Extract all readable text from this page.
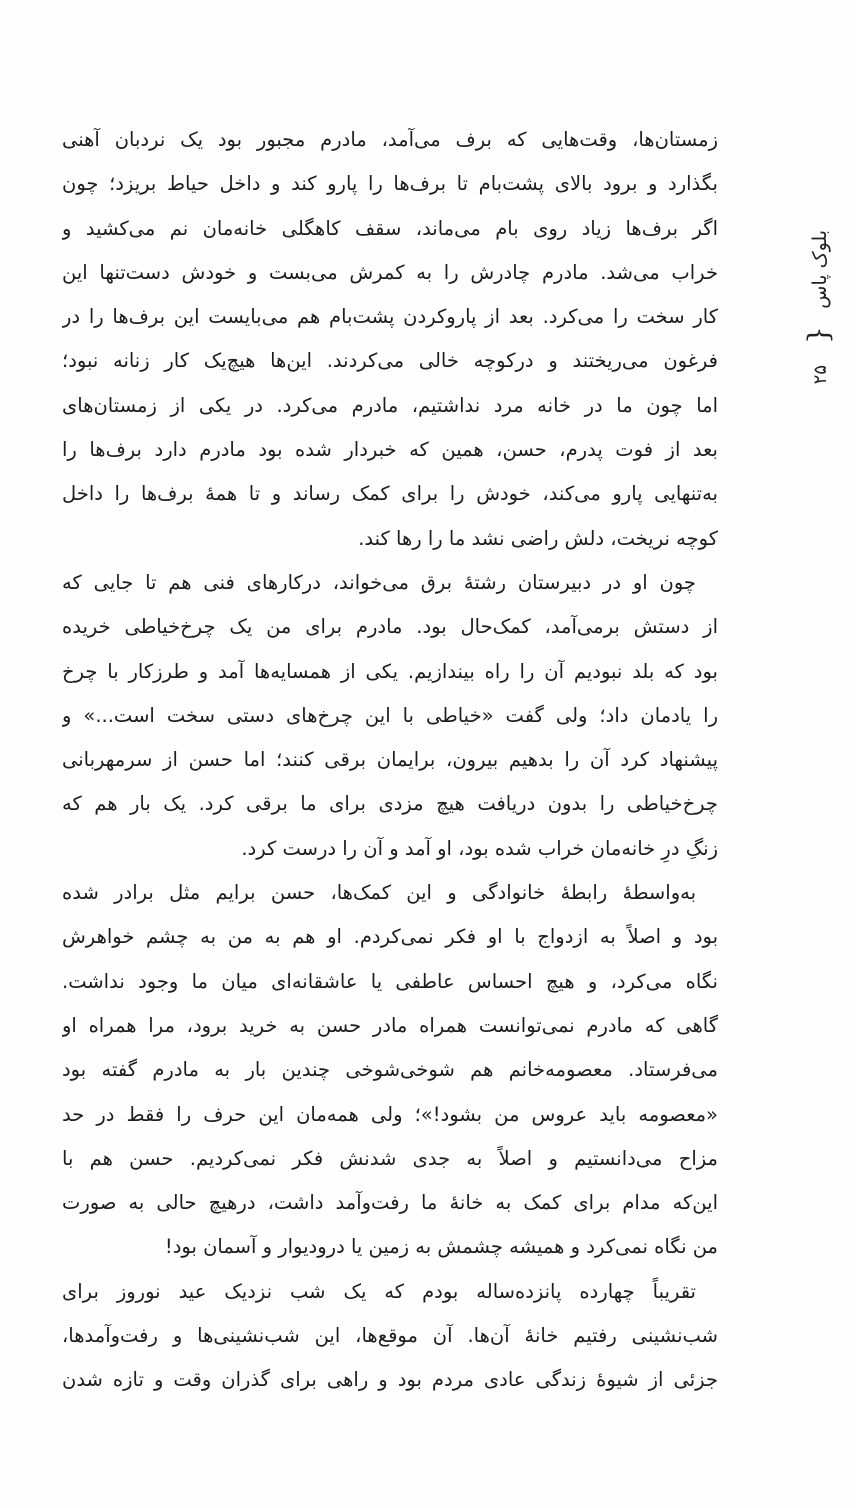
بلوک پاس
{
۲۵
زمستان‌ها، وقت‌هایی که برف می‌آمد، مادرم مجبور بود یک نردبان آهنی
بگذارد و برود بالای پشت‌بام تا برف‌ها را پارو کند و داخل حیاط بریزد؛ چون
اگر برف‌ها زیاد روی بام می‌ماند، سقف کاهگلی خانه‌مان نم می‌کشید و
خراب می‌شد. مادرم چادرش را به کمرش می‌بست و خودش دست‌تنها این
کار سخت را می‌کرد. بعد از پاروکردن پشت‌بام هم می‌بایست این برف‌ها را در
فرغون می‌ریختند و درکوچه خالی می‌کردند. این‌ها هیچ‌یک کار زنانه نبود؛
اما چون ما در خانه مرد نداشتیم، مادرم می‌کرد. در یکی از زمستان‌های
بعد از فوت پدرم، حسن، همین که خبردار شده بود مادرم دارد برف‌ها را
به‌تنهایی پارو می‌کند، خودش را برای کمک رساند و تا همهٔ برف‌ها را داخل
کوچه نریخت، دلش راضی نشد ما را رها کند.
چون او در دبیرستان رشتهٔ برق می‌خواند، درکارهای فنی هم تا جایی که
از دستش برمی‌آمد، کمک‌حال بود. مادرم برای من یک چرخ‌خیاطی خریده
بود که بلد نبودیم آن را راه بیندازیم. یکی از همسایه‌ها آمد و طرزکار با چرخ
را یادمان داد؛ ولی گفت «خیاطی با این چرخ‌های دستی سخت است...» و
پیشنهاد کرد آن را بدهیم بیرون، برایمان برقی کنند؛ اما حسن از سرمهربانی
چرخ‌خیاطی را بدون دریافت هیچ مزدی برای ما برقی کرد. یک بار هم که
زنگِ درِ خانه‌مان خراب شده بود، او آمد و آن را درست کرد.
به‌واسطهٔ رابطهٔ خانوادگی و این کمک‌ها، حسن برایم مثل برادر شده
بود و اصلاً به ازدواج با او فکر نمی‌کردم. او هم به من به چشم خواهرش
نگاه می‌کرد، و هیچ احساس عاطفی یا عاشقانه‌ای میان ما وجود نداشت.
گاهی که مادرم نمی‌توانست همراه مادر حسن به خرید برود، مرا همراه او
می‌فرستاد. معصومه‌خانم هم شوخی‌شوخی چندین بار به مادرم گفته بود
«معصومه باید عروس من بشود!»؛ ولی همه‌مان این حرف را فقط در حد
مزاح می‌دانستیم و اصلاً به جدی شدنش فکر نمی‌کردیم. حسن هم با
این‌که مدام برای کمک به خانهٔ ما رفت‌وآمد داشت، درهیچ حالی به صورت
من نگاه نمی‌کرد و همیشه چشمش به زمین یا درودیوار و آسمان بود!
تقریباً چهارده پانزده‌ساله بودم که یک شب نزدیک عید نوروز برای
شب‌نشینی رفتیم خانهٔ آن‌ها. آن موقع‌ها، این شب‌نشینی‌ها و رفت‌وآمدها،
جزئی از شیوهٔ زندگی عادی مردم بود و راهی برای گذران وقت و تازه شدن
